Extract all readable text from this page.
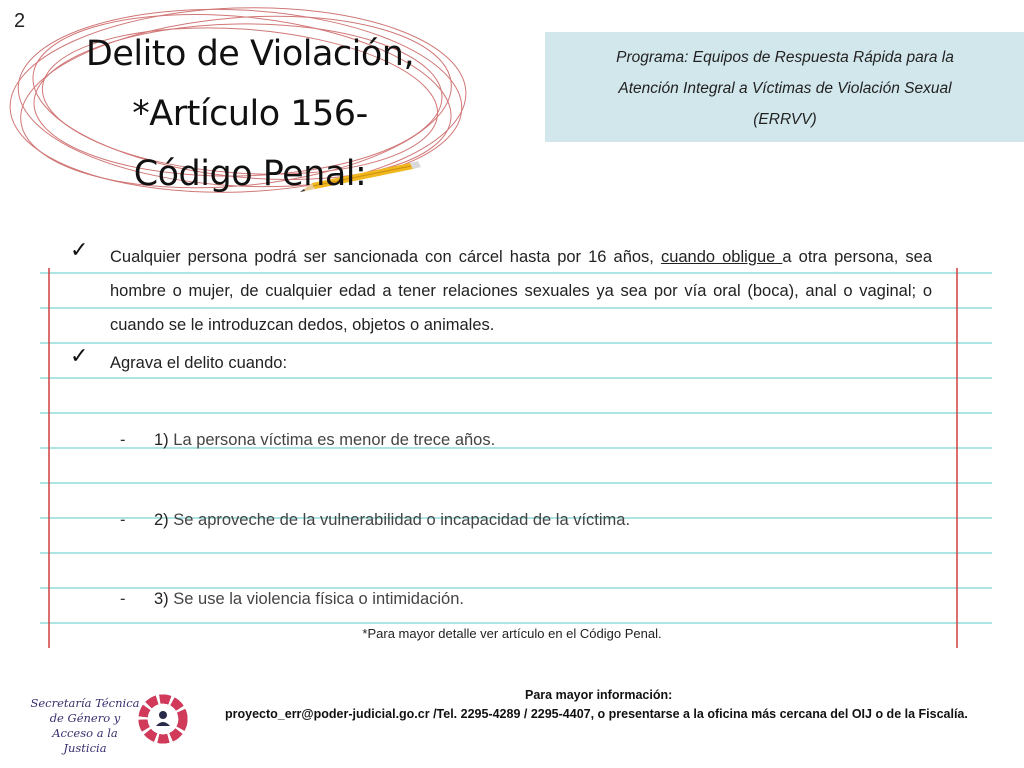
2
Delito de Violación,
*Artículo 156-
Código Penal:
Programa: Equipos de Respuesta Rápida para la
Atención Integral a Víctimas de Violación Sexual
(ERRVV)
✓ Cualquier persona podrá ser sancionada con cárcel hasta por 16 años, cuando obligue a otra persona, sea hombre o mujer, de cualquier edad a tener relaciones sexuales ya sea por vía oral (boca), anal o vaginal; o cuando se le introduzcan dedos, objetos o animales.
✓ Agrava el delito cuando:
- 1) La persona víctima es menor de trece años.
- 2) Se aproveche de la vulnerabilidad o incapacidad de la víctima.
- 3) Se use la violencia física o intimidación.
*Para mayor detalle ver artículo en el Código Penal.
Secretaría Técnica
de Género y
Acceso a la Justicia
Para mayor información:
proyecto_err@poder-judicial.go.cr /Tel. 2295-4289 / 2295-4407, o presentarse a la oficina más cercana del OIJ o de la Fiscalía.
